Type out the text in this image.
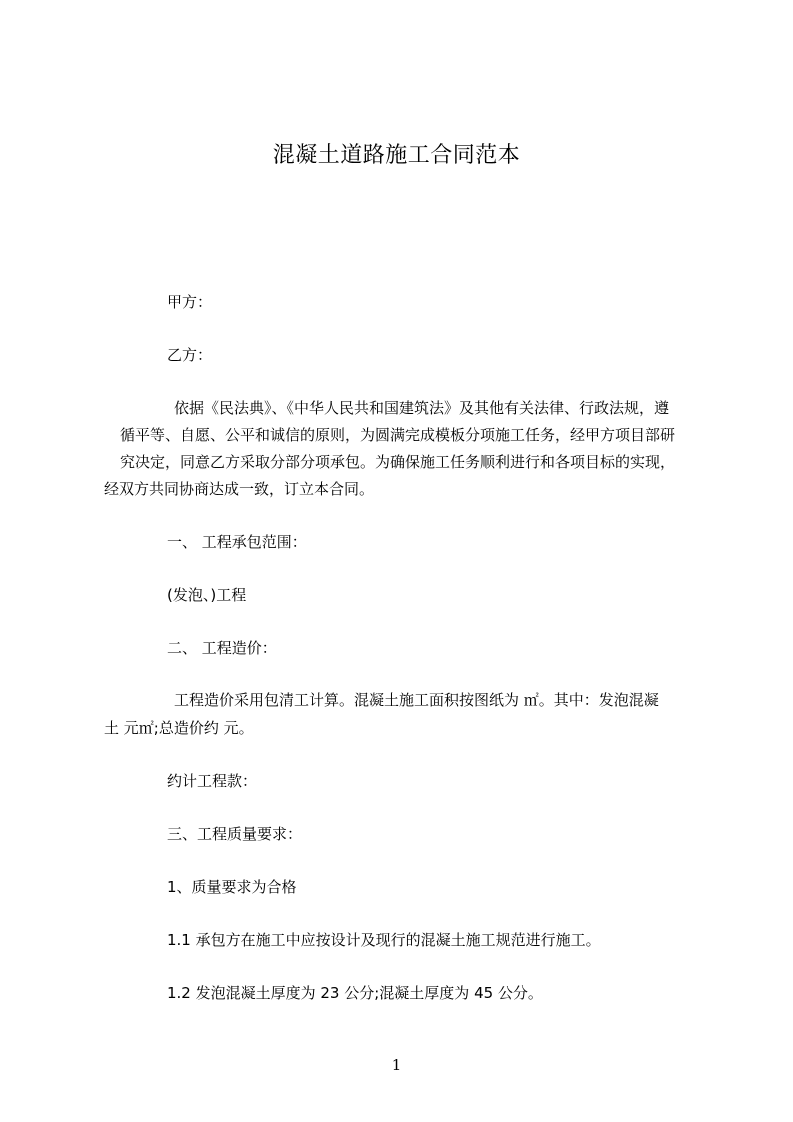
混凝土道路施工合同范本
甲方：
乙方：
依据《民法典》、《中华人民共和国建筑法》及其他有关法律、行政法规，遵
循平等、自愿、公平和诚信的原则，为圆满完成模板分项施工任务，经甲方项目部研
究决定，同意乙方采取分部分项承包。为确保施工任务顺利进行和各项目标的实现，
经双方共同协商达成一致，订立本合同。
一、 工程承包范围：
(发泡、)工程
二、 工程造价：
工程造价采用包清工计算。混凝土施工面积按图纸为 ㎡。其中：发泡混凝
土 元㎡;总造价约 元。
约计工程款：
三、工程质量要求：
1、质量要求为合格
1.1 承包方在施工中应按设计及现行的混凝土施工规范进行施工。
1.2 发泡混凝土厚度为 23 公分;混凝土厚度为 45 公分。
1
